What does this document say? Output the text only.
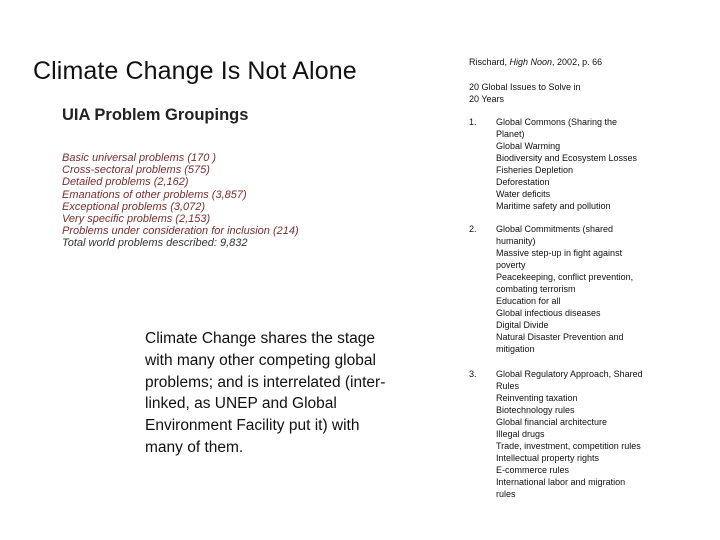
Climate Change Is Not Alone
UIA Problem Groupings
Basic universal problems (170 )
Cross-sectoral problems (575)
Detailed problems (2,162)
Emanations of other problems (3,857)
Exceptional problems (3,072)
Very specific problems (2,153)
Problems under consideration for inclusion (214)
Total world problems described: 9,832
Climate Change shares the stage with many other competing global problems; and is interrelated (inter-linked, as UNEP and Global Environment Facility put it) with many of them.
Rischard, High Noon, 2002, p. 66
20 Global Issues to Solve in 20 Years
1. Global Commons (Sharing the
Planet)
Global Warming
Biodiversity and Ecosystem Losses
Fisheries Depletion
Deforestation
Water deficits
Maritime safety and pollution
2. Global Commitments (shared
humanity)
Massive step-up in fight against
poverty
Peacekeeping, conflict prevention,
combating terrorism
Education for all
Global infectious diseases
Digital Divide
Natural Disaster Prevention and
mitigation
3. Global Regulatory Approach, Shared
Rules
Reinventing taxation
Biotechnology rules
Global financial architecture
Illegal drugs
Trade, investment, competition rules
Intellectual property rights
E-commerce rules
International labor and migration
rules
